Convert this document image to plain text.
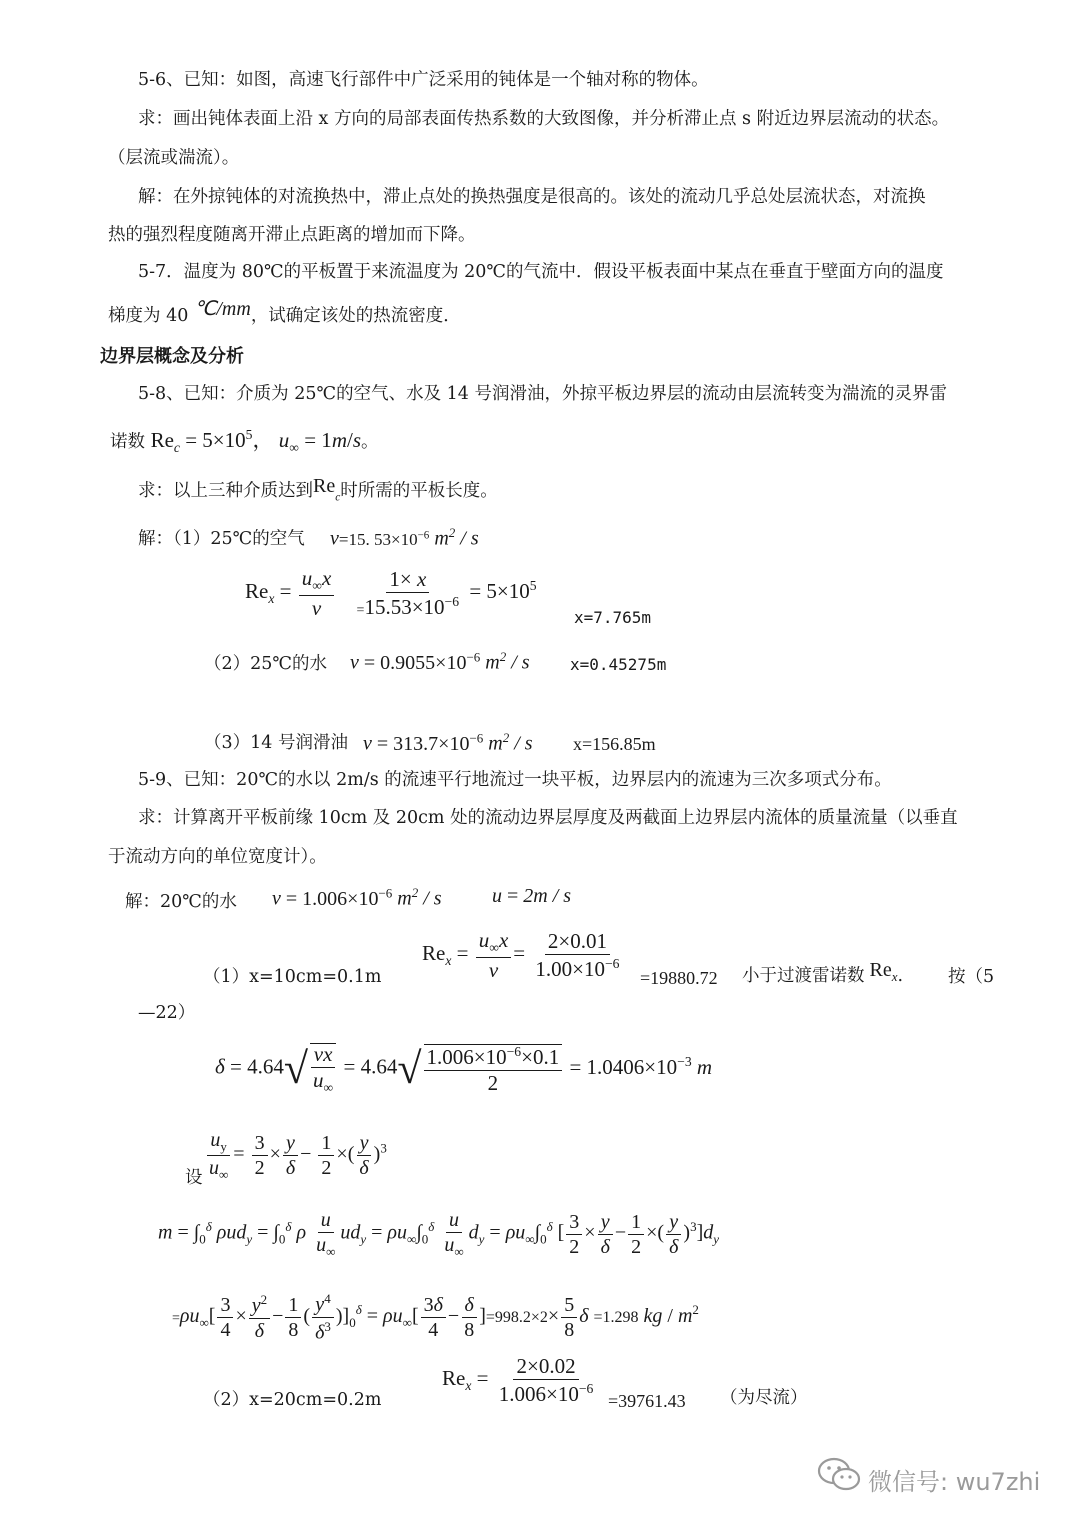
5-6、已知：如图，高速飞行部件中广泛采用的钝体是一个轴对称的物体。
求：画出钝体表面上沿 x 方向的局部表面传热系数的大致图像，并分析滞止点 s 附近边界层流动的状态。
（层流或湍流）。
解：在外掠钝体的对流换热中，滞止点处的换热强度是很高的。该处的流动几乎总处层流状态，对流换
热的强烈程度随离开滞止点距离的增加而下降。
5-7．温度为 80℃的平板置于来流温度为 20℃的气流中．假设平板表面中某点在垂直于壁面方向的温度
梯度为 40 ℃/mm，试确定该处的热流密度．
边界层概念及分析
5-8、已知：介质为 25℃的空气、水及 14 号润滑油，外掠平板边界层的流动由层流转变为湍流的灵界雷
诺数 $Re_c = 5\times 10^5$， $u_\infty = 1m/s$。
求：以上三种介质达到$Re_c$时所需的平板长度。
解：（1）25℃的空气 v=15. $53\times 10^{-6}$ $m^2$ / s
$Re_x = \frac{u_\infty x}{v}$
$\frac{1\times x}{=15.53\times 10^{-6}} = 5\times 10^5$
x=7.765m
（2）25℃的水 $v = 0.9055\times 10^{-6}$ $m^2$ / s	x=0.45275m
（3）14 号润滑油 $v = 313.7\times 10^{-6}$ $m^2$ / s x=156.85m
5-9、已知：20℃的水以 2m/s 的流速平行地流过一块平板，边界层内的流速为三次多项式分布。
求：计算离开平板前缘 10cm 及 20cm 处的流动边界层厚度及两截面上边界层内流体的质量流量（以垂直
于流动方向的单位宽度计）。
解：20℃的水 $v = 1.006\times 10^{-6}$ $m^2$ / s	u = 2m / s
$Re_x = \frac{u_\infty x}{v} = \frac{2\times 0.01}{1.00\times 10^{-6}}$
（1）x=10cm=0.1m	=19880.72 小于过渡雷诺数 $Re_x$.	按（5
—22）
$\delta = 4.64√ \frac{vx}{u_\infty} = 4.64√ \frac{1.006\times 10^{-6}\times 0.1}{2} = 1.0406\times 10^{-3}$ m
设 $\frac{u_y}{u_\infty} = \frac{3}{2} \times \frac{y}{\delta} - \frac{1}{2}$ ×( $\frac{y}{\delta} )^3$
$m = \int_0^\delta$ $\rho ud_y = \int_0^\delta$ ρ $\frac{u}{u_\infty} ud_y = \rho u_\infty\int_0^\delta \frac{u}{u_\infty} d_y = \rho u_\infty\int_0^\delta$ [ $\frac{3}{2} \times \frac{y}{\delta} - \frac{1}{2}$ ×( $\frac{y}{\delta} )^3]d_y$
$=\rho u_\infty[ \frac{3}{4} \times \frac{y^2}{\delta} - \frac{1}{8}$ ( $\frac{y^4}{\delta^3} )]_0^\delta = \rho u_\infty[ \frac{3\delta}{4} - \frac{\delta}{8} ]=998.2\times 2\times \frac{5}{8}$ δ =1.298 kg / $m^2$
$Re_x = \frac{2\times 0.02}{1.006\times 10^{-6}}$
（2）x=20cm=0.2m	=39761.43 （为尽流）
微信号: wu7zhi
